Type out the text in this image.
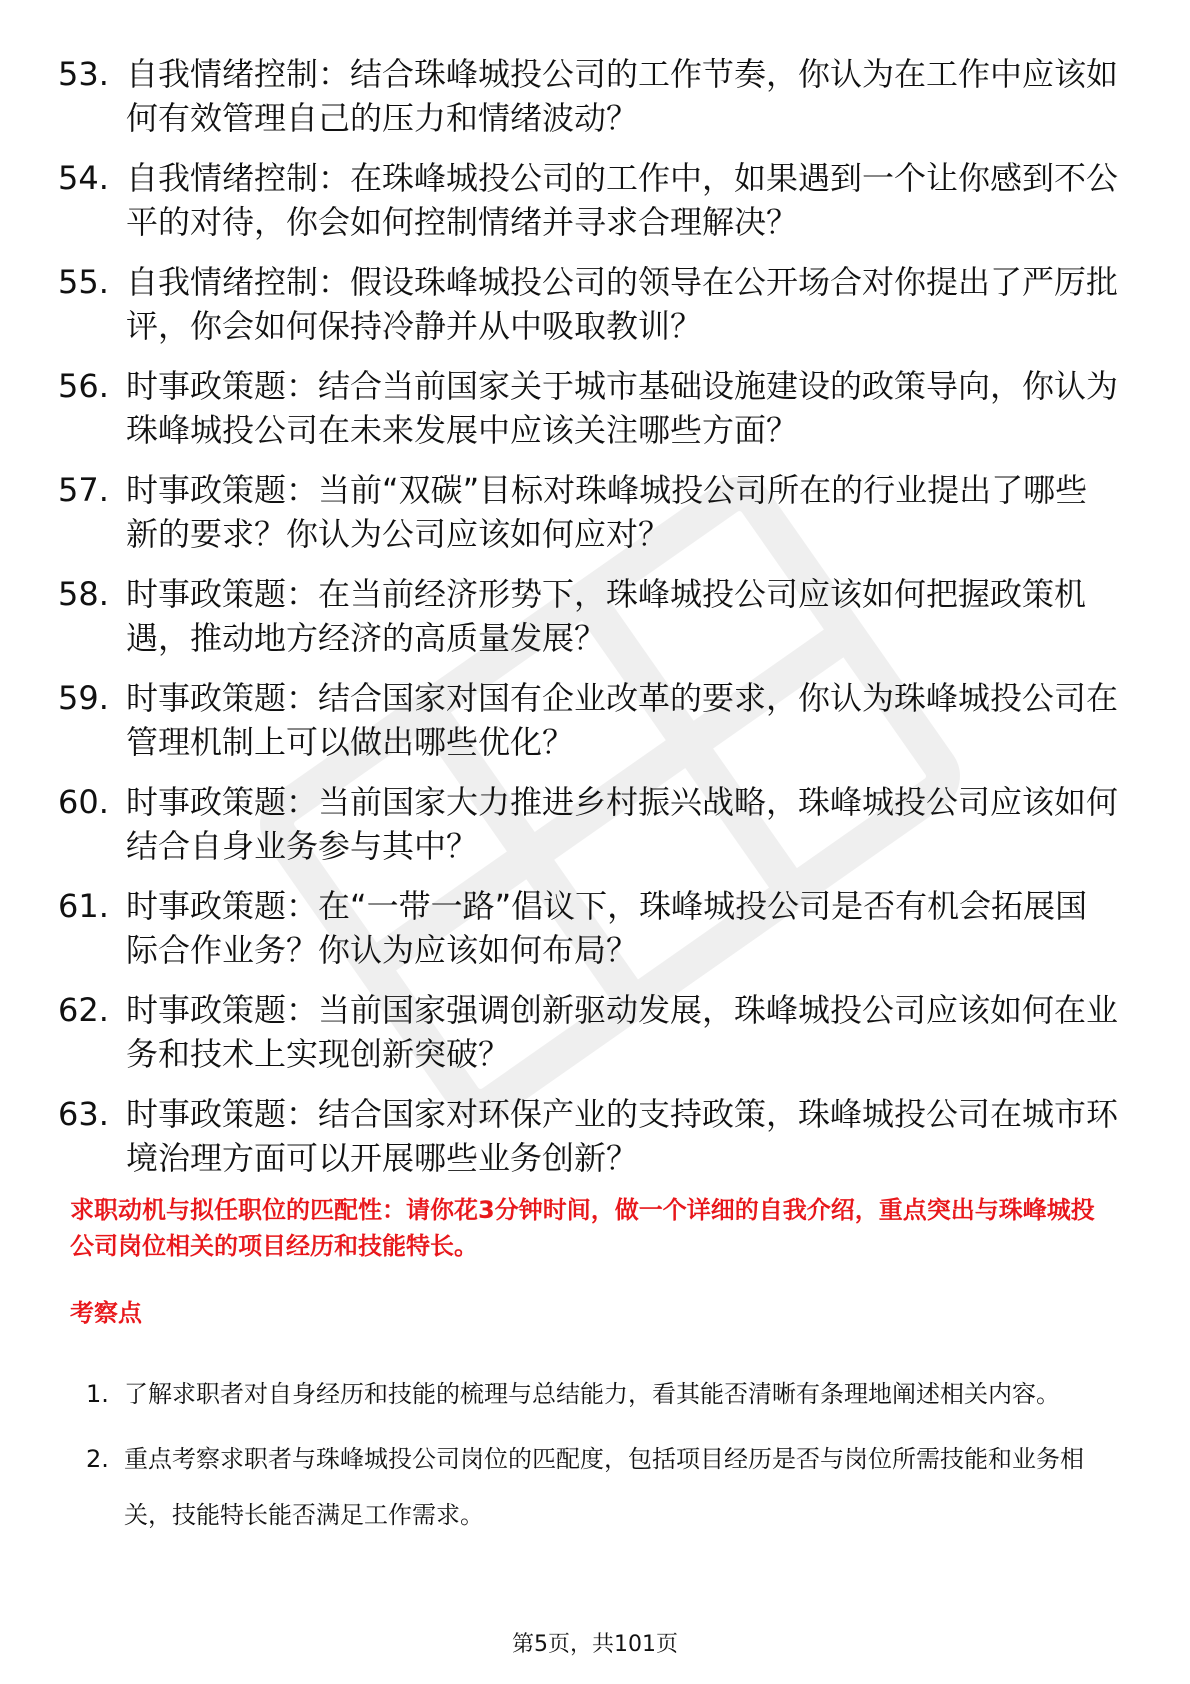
53. 自我情绪控制：结合珠峰城投公司的工作节奏，你认为在工作中应该如何有效管理自己的压力和情绪波动？
54. 自我情绪控制：在珠峰城投公司的工作中，如果遇到一个让你感到不公平的对待，你会如何控制情绪并寻求合理解决？
55. 自我情绪控制：假设珠峰城投公司的领导在公开场合对你提出了严厉批评，你会如何保持冷静并从中吸取教训？
56. 时事政策题：结合当前国家关于城市基础设施建设的政策导向，你认为珠峰城投公司在未来发展中应该关注哪些方面？
57. 时事政策题：当前“双碳”目标对珠峰城投公司所在的行业提出了哪些新的要求？你认为公司应该如何应对？
58. 时事政策题：在当前经济形势下，珠峰城投公司应该如何把握政策机遇，推动地方经济的高质量发展？
59. 时事政策题：结合国家对国有企业改革的要求，你认为珠峰城投公司在管理机制上可以做出哪些优化？
60. 时事政策题：当前国家大力推进乡村振兴战略，珠峰城投公司应该如何结合自身业务参与其中？
61. 时事政策题：在“一带一路”倡议下，珠峰城投公司是否有机会拓展国际合作业务？你认为应该如何布局？
62. 时事政策题：当前国家强调创新驱动发展，珠峰城投公司应该如何在业务和技术上实现创新突破？
63. 时事政策题：结合国家对环保产业的支持政策，珠峰城投公司在城市环境治理方面可以开展哪些业务创新？

求职动机与拟任职位的匹配性：请你花3分钟时间，做一个详细的自我介绍，重点突出与珠峰城投公司岗位相关的项目经历和技能特长。

考察点
1. 了解求职者对自身经历和技能的梳理与总结能力，看其能否清晰有条理地阐述相关内容。
2. 重点考察求职者与珠峰城投公司岗位的匹配度，包括项目经历是否与岗位所需技能和业务相关，技能特长能否满足工作需求。
第5页，共101页
